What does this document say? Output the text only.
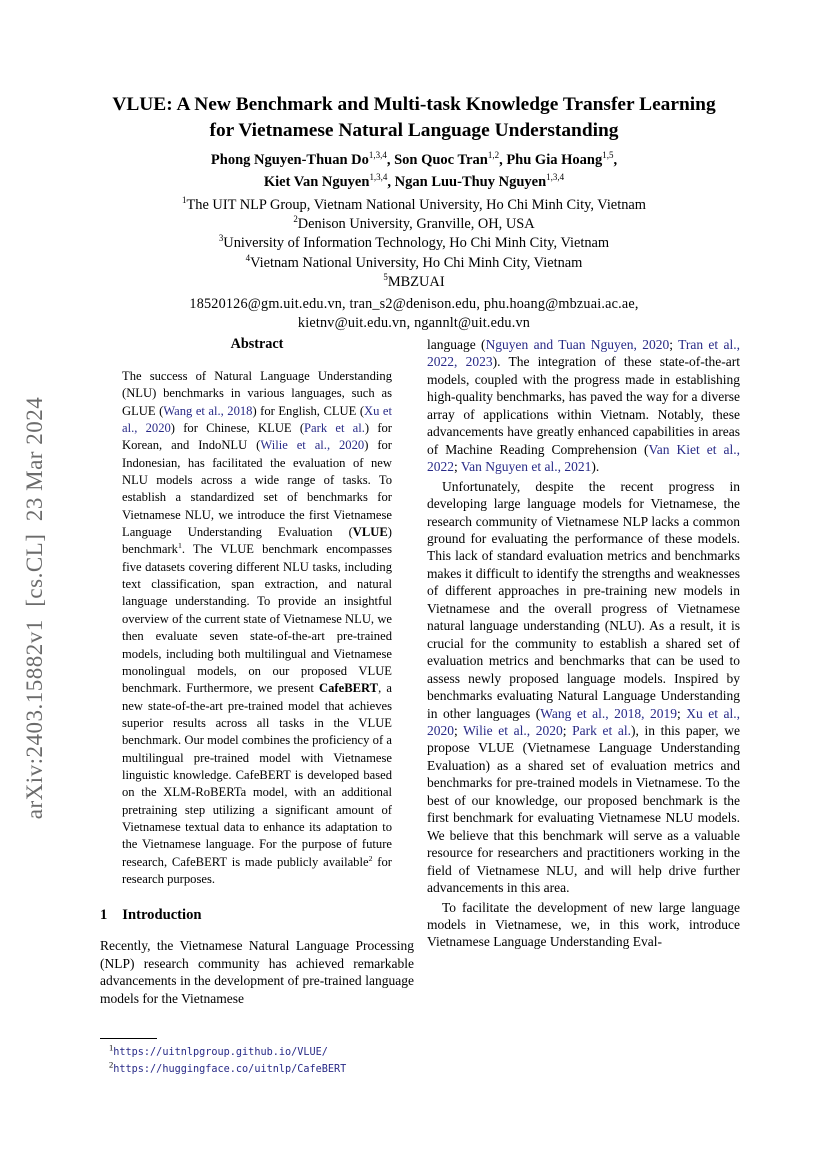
arXiv:2403.15882v1  [cs.CL]  23 Mar 2024
VLUE: A New Benchmark and Multi-task Knowledge Transfer Learning
for Vietnamese Natural Language Understanding
Phong Nguyen-Thuan Do$^{1,3,4}$, Son Quoc Tran$^{1,2}$, Phu Gia Hoang$^{1,5}$,
Kiet Van Nguyen$^{1,3,4}$, Ngan Luu-Thuy Nguyen$^{1,3,4}$
$^1$The UIT NLP Group, Vietnam National University, Ho Chi Minh City, Vietnam
$^2$Denison University, Granville, OH, USA
$^3$University of Information Technology, Ho Chi Minh City, Vietnam
$^4$Vietnam National University, Ho Chi Minh City, Vietnam
$^5$MBZUAI
18520126@gm.uit.edu.vn, tran_s2@denison.edu, phu.hoang@mbzuai.ac.ae,
kietnv@uit.edu.vn, ngannlt@uit.edu.vn
Abstract
The success of Natural Language Understanding (NLU) benchmarks in various languages, such as GLUE (Wang et al., 2018) for English, CLUE (Xu et al., 2020) for Chinese, KLUE (Park et al.) for Korean, and IndoNLU (Wilie et al., 2020) for Indonesian, has facilitated the evaluation of new NLU models across a wide range of tasks. To establish a standardized set of benchmarks for Vietnamese NLU, we introduce the first Vietnamese Language Understanding Evaluation (VLUE) benchmark$^1$. The VLUE benchmark encompasses five datasets covering different NLU tasks, including text classification, span extraction, and natural language understanding. To provide an insightful overview of the current state of Vietnamese NLU, we then evaluate seven state-of-the-art pre-trained models, including both multilingual and Vietnamese monolingual models, on our proposed VLUE benchmark. Furthermore, we present CafeBERT, a new state-of-the-art pre-trained model that achieves superior results across all tasks in the VLUE benchmark. Our model combines the proficiency of a multilingual pre-trained model with Vietnamese linguistic knowledge. CafeBERT is developed based on the XLM-RoBERTa model, with an additional pretraining step utilizing a significant amount of Vietnamese textual data to enhance its adaptation to the Vietnamese language. For the purpose of future research, CafeBERT is made publicly available$^2$ for research purposes.
1 Introduction

Recently, the Vietnamese Natural Language Processing (NLP) research community has achieved remarkable advancements in the development of pre-trained language models for the Vietnamese

language (Nguyen and Tuan Nguyen, 2020; Tran et al., 2022, 2023). The integration of these state-of-the-art models, coupled with the progress made in establishing high-quality benchmarks, has paved the way for a diverse array of applications within Vietnam. Notably, these advancements have greatly enhanced capabilities in areas of Machine Reading Comprehension (Van Kiet et al., 2022; Van Nguyen et al., 2021).

Unfortunately, despite the recent progress in developing large language models for Vietnamese, the research community of Vietnamese NLP lacks a common ground for evaluating the performance of these models. This lack of standard evaluation metrics and benchmarks makes it difficult to identify the strengths and weaknesses of different approaches in pre-training new models in Vietnamese and the overall progress of Vietnamese natural language understanding (NLU). As a result, it is crucial for the community to establish a shared set of evaluation metrics and benchmarks that can be used to assess newly proposed language models. Inspired by benchmarks evaluating Natural Language Understanding in other languages (Wang et al., 2018, 2019; Xu et al., 2020; Wilie et al., 2020; Park et al.), in this paper, we propose VLUE (Vietnamese Language Understanding Evaluation) as a shared set of evaluation metrics and benchmarks for pre-trained models in Vietnamese. To the best of our knowledge, our proposed benchmark is the first benchmark for evaluating Vietnamese NLU models. We believe that this benchmark will serve as a valuable resource for researchers and practitioners working in the field of Vietnamese NLU, and will help drive further advancements in this area.

To facilitate the development of new large language models in Vietnamese, we, in this work, introduce Vietnamese Language Understanding Eval-

$^1$https://uitnlpgroup.github.io/VLUE/
$^2$https://huggingface.co/uitnlp/CafeBERT
